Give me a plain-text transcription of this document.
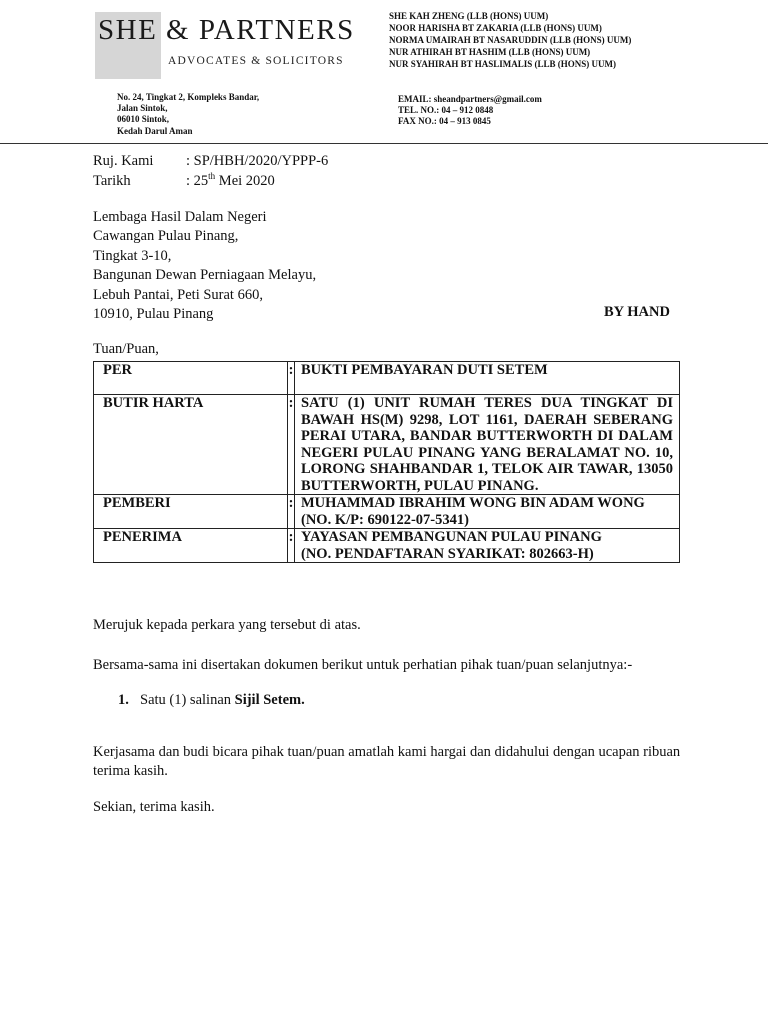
SHE & PARTNERS
ADVOCATES & SOLICITORS
SHE KAH ZHENG (LLB (HONS) UUM)
NOOR HARISHA BT ZAKARIA (LLB (HONS) UUM)
NORMA UMAIRAH BT NASARUDDIN (LLB (HONS) UUM)
NUR ATHIRAH BT HASHIM (LLB (HONS) UUM)
NUR SYAHIRAH BT HASLIMALIS (LLB (HONS) UUM)
No. 24, Tingkat 2, Kompleks Bandar,
Jalan Sintok,
06010 Sintok,
Kedah Darul Aman
EMAIL: sheandpartners@gmail.com
TEL. NO.: 04 – 912 0848
FAX NO.: 04 – 913 0845
Ruj. Kami	: SP/HBH/2020/YPPP-6
Tarikh	: 25th Mei 2020
Lembaga Hasil Dalam Negeri
Cawangan Pulau Pinang,
Tingkat 3-10,
Bangunan Dewan Perniagaan Melayu,
Lebuh Pantai, Peti Surat 660,
10910, Pulau Pinang	BY HAND
Tuan/Puan,
PER	:	BUKTI PEMBAYARAN DUTI SETEM

BUTIR HARTA	:	SATU (1) UNIT RUMAH TERES DUA TINGKAT DI BAWAH HS(M) 9298, LOT 1161, DAERAH SEBERANG PERAI UTARA, BANDAR BUTTERWORTH DI DALAM NEGERI PULAU PINANG YANG BERALAMAT NO. 10, LORONG SHAHBANDAR 1, TELOK AIR TAWAR, 13050 BUTTERWORTH, PULAU PINANG.

PEMBERI	:	MUHAMMAD IBRAHIM WONG BIN ADAM WONG
(NO. K/P: 690122-07-5341)

PENERIMA	:	YAYASAN PEMBANGUNAN PULAU PINANG
(NO. PENDAFTARAN SYARIKAT: 802663-H)
Merujuk kepada perkara yang tersebut di atas.
Bersama-sama ini disertakan dokumen berikut untuk perhatian pihak tuan/puan selanjutnya:-
1. Satu (1) salinan Sijil Setem.
Kerjasama dan budi bicara pihak tuan/puan amatlah kami hargai dan didahului dengan ucapan ribuan terima kasih.
Sekian, terima kasih.
